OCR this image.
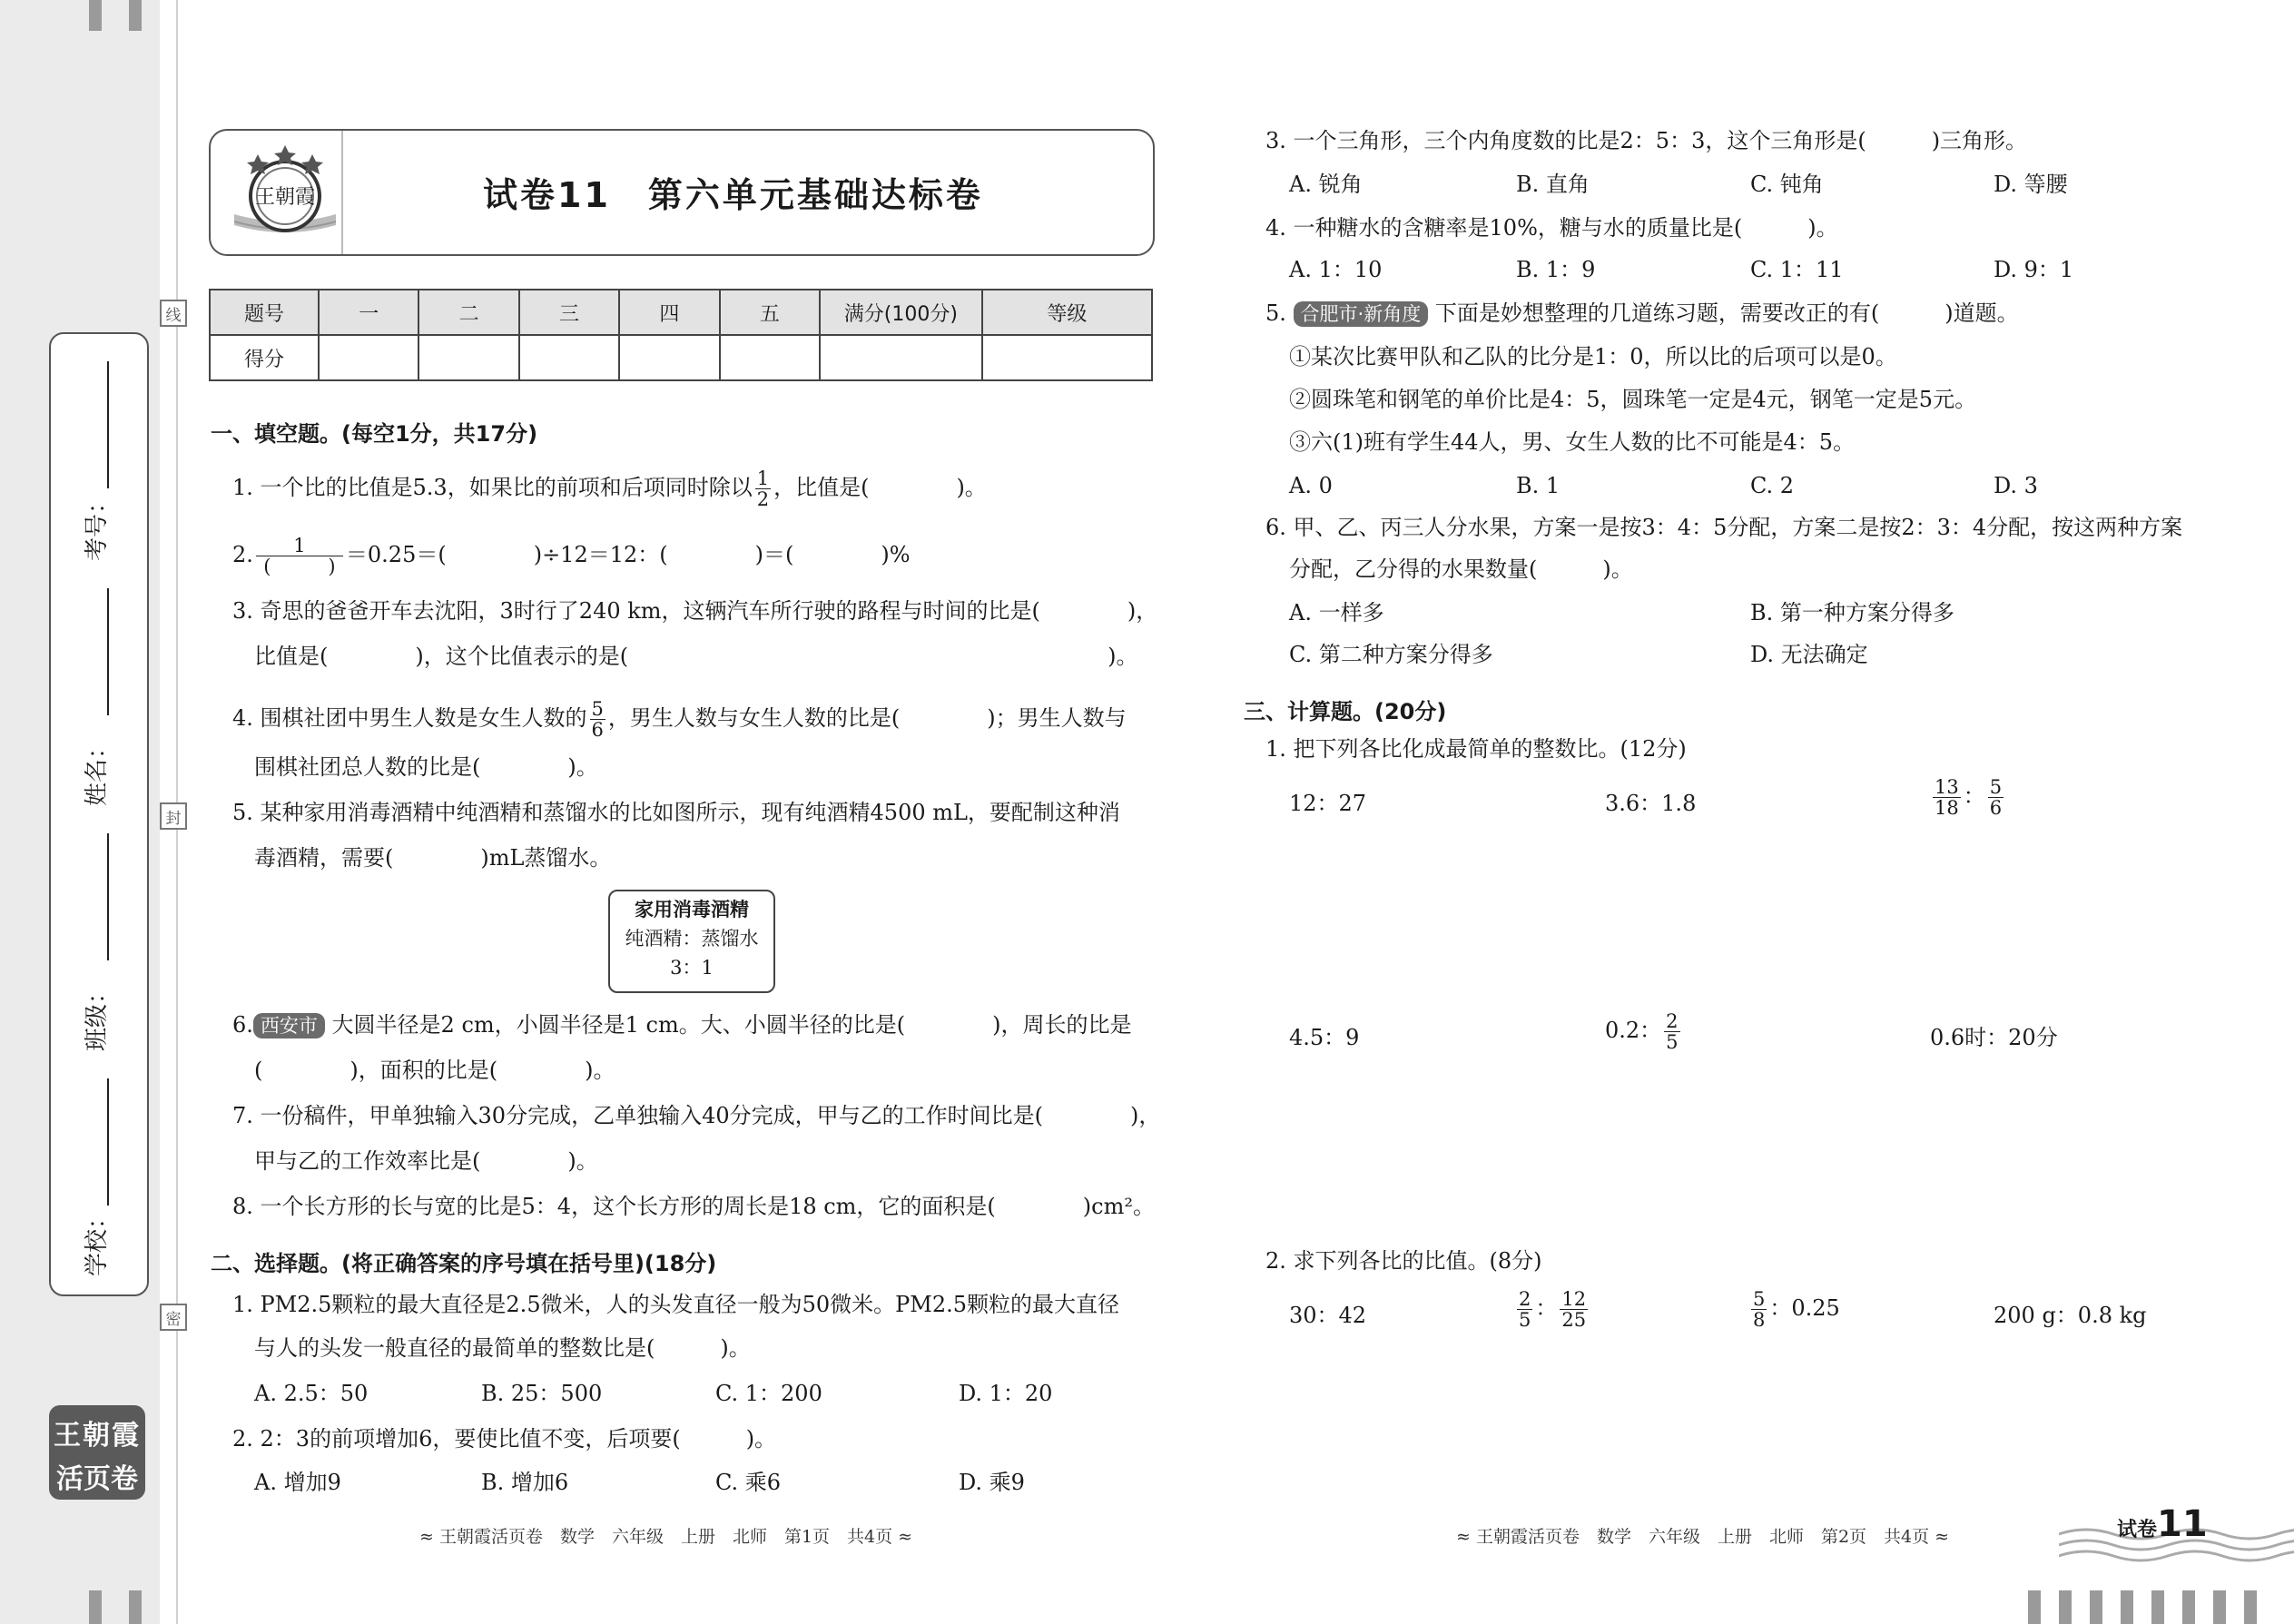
考号：
姓名：
班级：
学校：
线
封
密
王朝霞
活页卷
王朝霞	试卷11　第六单元基础达标卷
题号	一	二	三	四	五	满分(100分)	等级
得分							
一、填空题。(每空1分，共17分)
1. 一个比的比值是5.3，如果比的前项和后项同时除以 $\frac{1}{2}$ ，比值是(　　　　)。
2. $\frac{1}{( )} =0.25=$(　　　　)÷12＝12：(　　　　)＝(　　　　)%
3. 奇思的爸爸开车去沈阳，3时行了240 km，这辆汽车所行驶的路程与时间的比是(　　　　)，
比值是(　　　　)，这个比值表示的是(　　　　　　　　　　　　　　　　　　　　　　)。
4. 围棋社团中男生人数是女生人数的 $\frac{5}{6}$ ，男生人数与女生人数的比是(　　　　)；男生人数与
围棋社团总人数的比是(　　　　)。
5. 某种家用消毒酒精中纯酒精和蒸馏水的比如图所示，现有纯酒精4500 mL，要配制这种消
毒酒精，需要(　　　　)mL蒸馏水。
家用消毒酒精
纯酒精：蒸馏水
3：1
6. 西安市 大圆半径是2 cm，小圆半径是1 cm。大、小圆半径的比是(　　　　)，周长的比是
(　　　　)，面积的比是(　　　　)。
7. 一份稿件，甲单独输入30分完成，乙单独输入40分完成，甲与乙的工作时间比是(　　　　)，
甲与乙的工作效率比是(　　　　)。
8. 一个长方形的长与宽的比是5：4，这个长方形的周长是18 cm，它的面积是(　　　　)cm²。
二、选择题。(将正确答案的序号填在括号里)(18分)
1. PM2.5颗粒的最大直径是2.5微米，人的头发直径一般为50微米。PM2.5颗粒的最大直径
与人的头发一般直径的最简单的整数比是(　　　)。
A. 2.5：50	B. 25：500	C. 1：200	D. 1：20
2. 2：3的前项增加6，要使比值不变，后项要(　　　)。
A. 增加9	B. 增加6	C. 乘6	D. 乘9
≈ 王朝霞活页卷　数学　六年级　上册　北师　第1页　共4页 ≈
3. 一个三角形，三个内角度数的比是2：5：3，这个三角形是(　　　)三角形。
A. 锐角	B. 直角	C. 钝角	D. 等腰
4. 一种糖水的含糖率是10%，糖与水的质量比是(　　　)。
A. 1：10	B. 1：9	C. 1：11	D. 9：1
5. 合肥市·新角度 下面是妙想整理的几道练习题，需要改正的有(　　　)道题。
①某次比赛甲队和乙队的比分是1：0，所以比的后项可以是0。
②圆珠笔和钢笔的单价比是4：5，圆珠笔一定是4元，钢笔一定是5元。
③六(1)班有学生44人，男、女生人数的比不可能是4：5。
A. 0	B. 1	C. 2	D. 3
6. 甲、乙、丙三人分水果，方案一是按3：4：5分配，方案二是按2：3：4分配，按这两种方案
分配，乙分得的水果数量(　　　)。
A. 一样多	B. 第一种方案分得多
C. 第二种方案分得多	D. 无法确定
三、计算题。(20分)
1. 把下列各比化成最简单的整数比。(12分)
12：27	3.6：1.8	$\frac{13}{18}$ ： $\frac{5}{6}$
4.5：9	0.2： $\frac{2}{5}$	0.6时：20分
2. 求下列各比的比值。(8分)
30：42	$\frac{2}{5}$ ： $\frac{12}{25}$	$\frac{5}{8}$ ：0.25	200 g：0.8 kg
≈ 王朝霞活页卷　数学　六年级　上册　北师　第2页　共4页 ≈	试卷11
